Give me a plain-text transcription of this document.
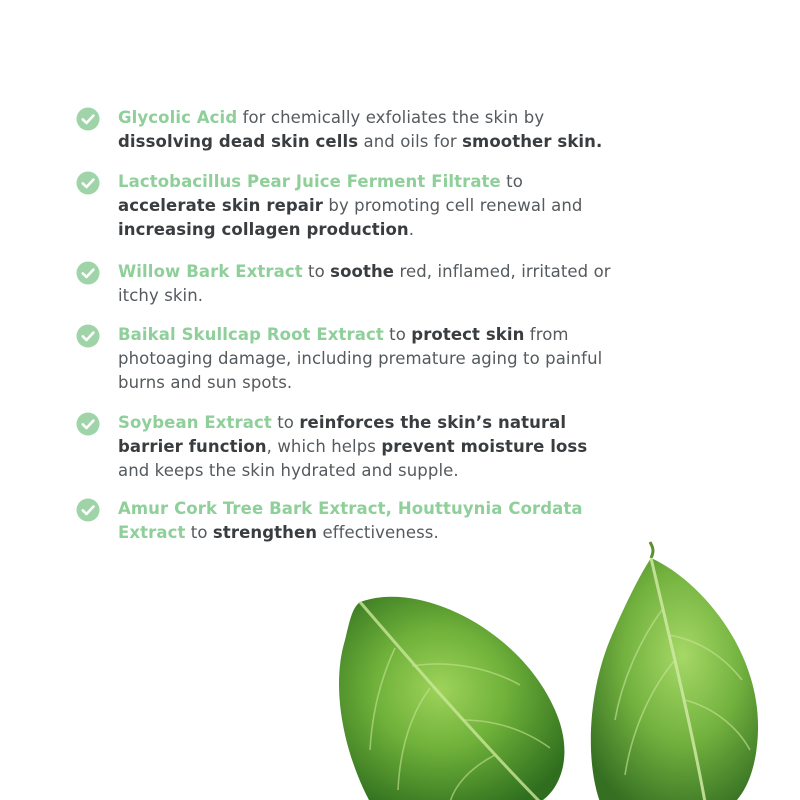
Glycolic Acid for chemically exfoliates the skin by dissolving dead skin cells and oils for smoother skin.
Lactobacillus Pear Juice Ferment Filtrate to accelerate skin repair by promoting cell renewal and increasing collagen production.
Willow Bark Extract to soothe red, inflamed, irritated or itchy skin.
Baikal Skullcap Root Extract to protect skin from photoaging damage, including premature aging to painful burns and sun spots.
Soybean Extract to reinforces the skin’s natural barrier function, which helps prevent moisture loss and keeps the skin hydrated and supple.
Amur Cork Tree Bark Extract, Houttuynia Cordata Extract to strengthen effectiveness.
